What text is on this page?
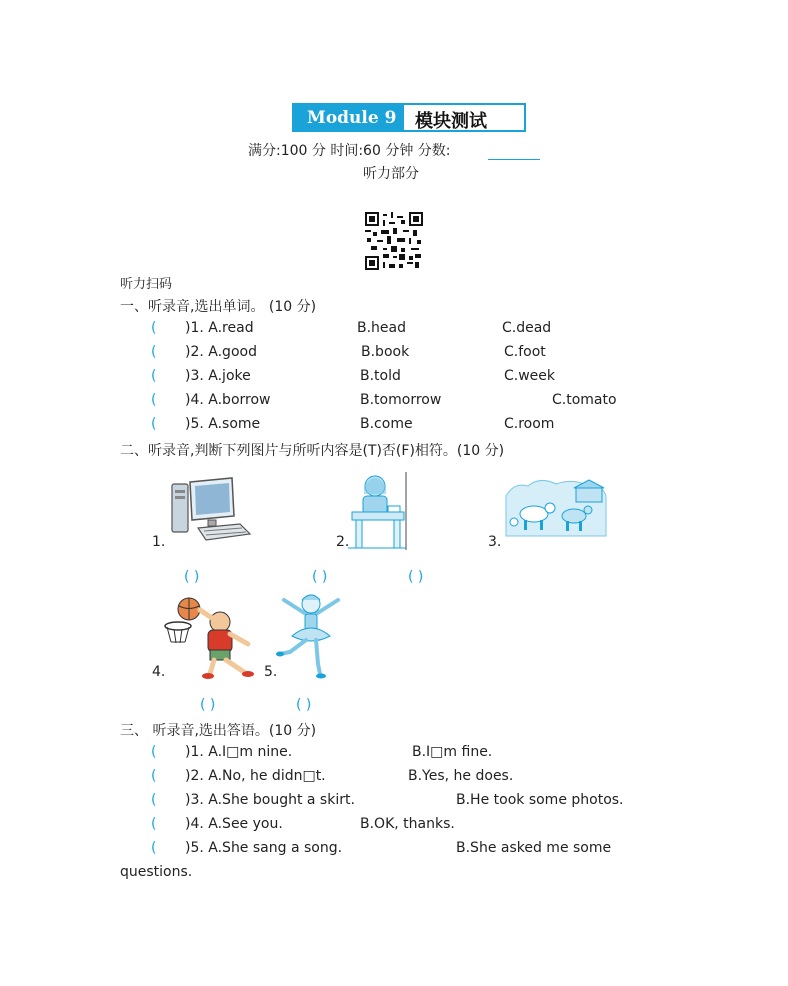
Module 9 模块测试
满分:100 分 时间:60 分钟 分数:
听力部分
听力扫码
一、听录音,选出单词。 (10 分)
( )1. A.read	B.head	C.dead
( )2. A.good	B.book	C.foot
( )3. A.joke	B.told	C.week
( )4. A.borrow	B.tomorrow	C.tomato
( )5. A.some	B.come	C.room
二、听录音,判断下列图片与所听内容是(T)否(F)相符。(10 分)
1.	2.	3.
( )	( )	( )
4.	5.
( )	( )
三、 听录音,选出答语。(10 分)
( )1. A.I□m nine.	B.I□m fine.
( )2. A.No, he didn□t.	B.Yes, he does.
( )3. A.She bought a skirt.	B.He took some photos.
( )4. A.See you.	B.OK, thanks.
( )5. A.She sang a song.	B.She asked me some
questions.
